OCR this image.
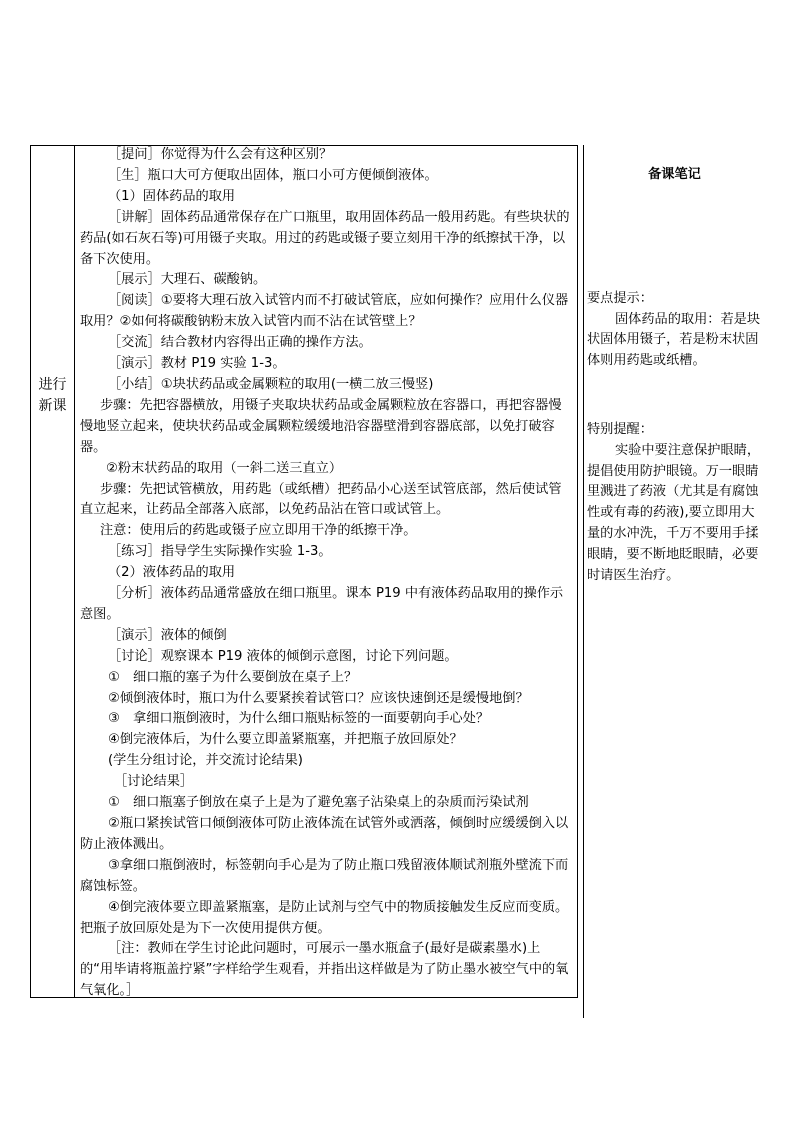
进行
新课

［提问］你觉得为什么会有这种区别？

［生］瓶口大可方便取出固体，瓶口小可方便倾倒液体。

（1）固体药品的取用

［讲解］固体药品通常保存在广口瓶里，取用固体药品一般用药匙。有些块状的药品(如石灰石等)可用镊子夹取。用过的药匙或镊子要立刻用干净的纸擦拭干净，以备下次使用。

［展示］大理石、碳酸钠。

［阅读］①要将大理石放入试管内而不打破试管底，应如何操作？应用什么仪器取用？②如何将碳酸钠粉末放入试管内而不沾在试管壁上？

［交流］结合教材内容得出正确的操作方法。

［演示］教材 P19 实验 1-3。

［小结］①块状药品或金属颗粒的取用(一横二放三慢竖)

步骤：先把容器横放，用镊子夹取块状药品或金属颗粒放在容器口，再把容器慢慢地竖立起来，使块状药品或金属颗粒缓缓地沿容器壁滑到容器底部，以免打破容器。

②粉末状药品的取用（一斜二送三直立）

步骤：先把试管横放，用药匙（或纸槽）把药品小心送至试管底部，然后使试管直立起来，让药品全部落入底部，以免药品沾在管口或试管上。

注意：使用后的药匙或镊子应立即用干净的纸擦干净。

［练习］指导学生实际操作实验 1-3。

（2）液体药品的取用

［分析］液体药品通常盛放在细口瓶里。课本 P19 中有液体药品取用的操作示意图。

［演示］液体的倾倒

［讨论］观察课本 P19 液体的倾倒示意图，讨论下列问题。

①　细口瓶的塞子为什么要倒放在桌子上？

②倾倒液体时，瓶口为什么要紧挨着试管口？应该快速倒还是缓慢地倒？

③　拿细口瓶倒液时，为什么细口瓶贴标签的一面要朝向手心处？

④倒完液体后，为什么要立即盖紧瓶塞，并把瓶子放回原处？

(学生分组讨论，并交流讨论结果)

［讨论结果］

①　细口瓶塞子倒放在桌子上是为了避免塞子沾染桌上的杂质而污染试剂

②瓶口紧挨试管口倾倒液体可防止液体流在试管外或洒落，倾倒时应缓缓倒入以防止液体溅出。

③拿细口瓶倒液时，标签朝向手心是为了防止瓶口残留液体顺试剂瓶外壁流下而腐蚀标签。

④倒完液体要立即盖紧瓶塞，是防止试剂与空气中的物质接触发生反应而变质。把瓶子放回原处是为下一次使用提供方便。

［注：教师在学生讨论此问题时，可展示一墨水瓶盒子(最好是碳素墨水)上的“用毕请将瓶盖拧紧”字样给学生观看，并指出这样做是为了防止墨水被空气中的氧气氧化。］

备课笔记

要点提示：

固体药品的取用：若是块状固体用镊子，若是粉末状固体则用药匙或纸槽。

特别提醒：

实验中要注意保护眼睛，提倡使用防护眼镜。万一眼睛里溅进了药液（尤其是有腐蚀性或有毒的药液),要立即用大量的水冲洗，千万不要用手揉眼睛，要不断地眨眼睛，必要时请医生治疗。
